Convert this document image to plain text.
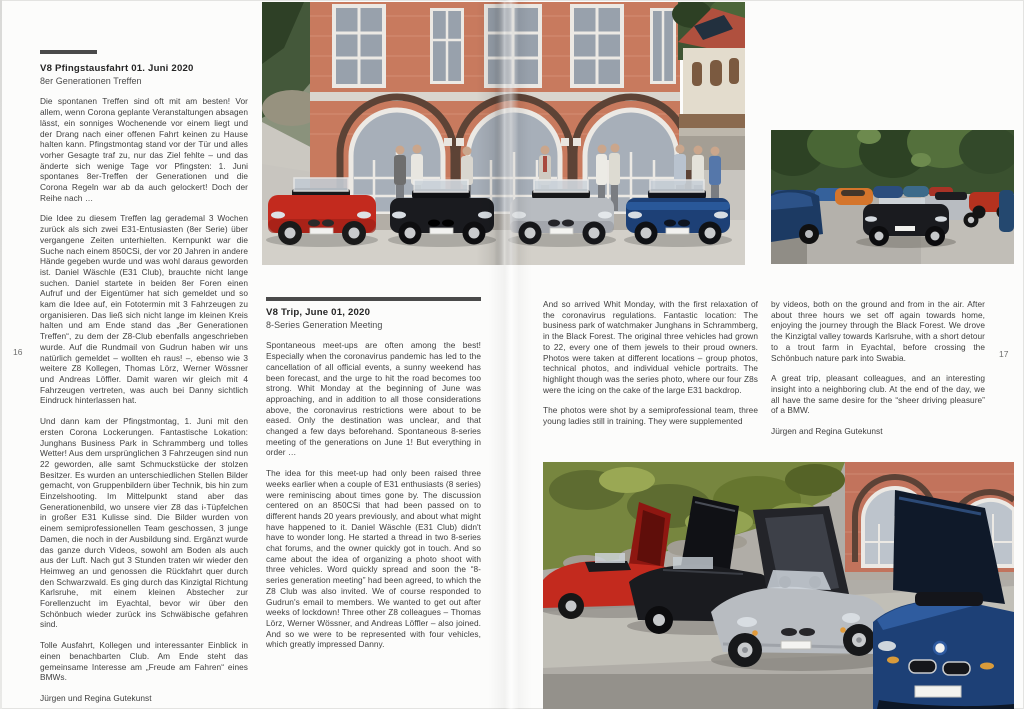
V8 Pfingstausfahrt 01. Juni 2020

8er Generationen Treffen

Die spontanen Treffen sind oft mit am besten! Vor allem, wenn Corona geplante Veranstaltungen absagen lässt, ein sonniges Wochenende vor einem liegt und der Drang nach einer offenen Fahrt keinen zu Hause halten kann. Pfingstmontag stand vor der Tür und alles vorher Gesagte traf zu, nur das Ziel fehlte – und das änderte sich wenige Tage vor Pfingsten: 1. Juni spontanes 8er-Treffen der Generationen und die Corona Regeln war ab da auch gelockert! Doch der Reihe nach …

Die Idee zu diesem Treffen lag gerademal 3 Wochen zurück als sich zwei E31-Entusiasten (8er Serie) über vergangene Zeiten unterhielten. Kernpunkt war die Suche nach einem 850CSi, der vor 20 Jahren in andere Hände gegeben wurde und was wohl daraus geworden ist. Daniel Wäschle (E31 Club), brauchte nicht lange suchen. Daniel startete in beiden 8er Foren einen Aufruf und der Eigentümer hat sich gemeldet und so kam die Idee auf, ein Fototermin mit 3 Fahrzeugen zu organisieren. Das ließ sich nicht lange im kleinen Kreis halten und am Ende stand das „8er Generationen Treffen“, zu dem der Z8-Club ebenfalls angeschrieben wurde. Auf die Rundmail von Gudrun haben wir uns natürlich gemeldet – wollten eh raus! –, ebenso wie 3 weitere Z8 Kollegen, Thomas Lörz, Werner Wössner und Andreas Löffler. Damit waren wir gleich mit 4 Fahrzeugen vertreten, was auch bei Danny sichtlich Eindruck hinterlassen hat.

Und dann kam der Pfingstmontag, 1. Juni mit den ersten Corona Lockerungen. Fantastische Lokation: Junghans Business Park in Schrammberg und tolles Wetter! Aus dem ursprünglichen 3 Fahrzeugen sind nun 22 geworden, alle samt Schmuckstücke der stolzen Besitzer. Es wurden an unterschiedlichen Stellen Bilder gemacht, von Gruppenbildern über Technik, bis hin zum Einzelshooting. Im Mittelpunkt stand aber das Generationenbild, wo unsere vier Z8 das i-Tüpfelchen in großer E31 Kulisse sind. Die Bilder wurden von einem semiprofessionellen Team geschossen, 3 junge Damen, die noch in der Ausbildung sind. Ergänzt wurde das ganze durch Videos, sowohl am Boden als auch aus der Luft. Nach gut 3 Stunden traten wir wieder den Heimweg an und genossen die Rückfahrt quer durch den Schwarzwald. Es ging durch das Kinzigtal Richtung Karlsruhe, mit einem kleinen Abstecher zur Forellenzucht im Eyachtal, bevor wir über den Schönbuch wieder zurück ins Schwäbische gefahren sind.

Tolle Ausfahrt, Kollegen und interessanter Einblick in einen benachbarten Club. Am Ende steht das gemeinsame Interesse am „Freude am Fahren“ eines BMWs.

Jürgen und Regina Gutekunst

V8 Trip, June 01, 2020

8-Series Generation Meeting

Spontaneous meet-ups are often among the best! Especially when the coronavirus pandemic has led to the cancellation of all official events, a sunny weekend has been forecast, and the urge to hit the road becomes too strong. Whit Monday at the beginning of June was approaching, and in addition to all those considerations above, the coronavirus restrictions were about to be eased. Only the destination was unclear, and that changed a few days beforehand. Spontaneous 8-series meeting of the generations on June 1! But everything in order …

The idea for this meet-up had only been raised three weeks earlier when a couple of E31 enthusiasts (8 series) were reminiscing about times gone by. The discussion centered on an 850CSi that had been passed on to different hands 20 years previously, and about what might have happened to it. Daniel Wäschle (E31 Club) didn't have to wonder long. He started a thread in two 8-series chat forums, and the owner quickly got in touch. And so came about the idea of organizing a photo shoot with three vehicles. Word quickly spread and soon the “8-series generation meeting” had been agreed, to which the Z8 Club was also invited. We of course responded to Gudrun's email to members. We wanted to get out after weeks of lockdown! Three other Z8 colleagues – Thomas Lörz, Werner Wössner, and Andreas Löffler – also joined. And so we were to be represented with four vehicles, which greatly impressed Danny.

And so arrived Whit Monday, with the first relaxation of the coronavirus regulations. Fantastic location: The business park of watchmaker Junghans in Schrammberg, in the Black Forest. The original three vehicles had grown to 22, every one of them jewels to their proud owners. Photos were taken at different locations – group photos, technical photos, and individual vehicle portraits. The highlight though was the series photo, where our four Z8s were the icing on the cake of the large E31 backdrop.

The photos were shot by a semiprofessional team, three young ladies still in training. They were supplemented

by videos, both on the ground and from in the air. After about three hours we set off again towards home, enjoying the journey through the Black Forest. We drove the Kinzigtal valley towards Karlsruhe, with a short detour to a trout farm in Eyachtal, before crossing the Schönbuch nature park into Swabia.

A great trip, pleasant colleagues, and an interesting insight into a neighboring club. At the end of the day, we all have the same desire for the “sheer driving pleasure” of a BMW.

Jürgen and Regina Gutekunst

16	17
